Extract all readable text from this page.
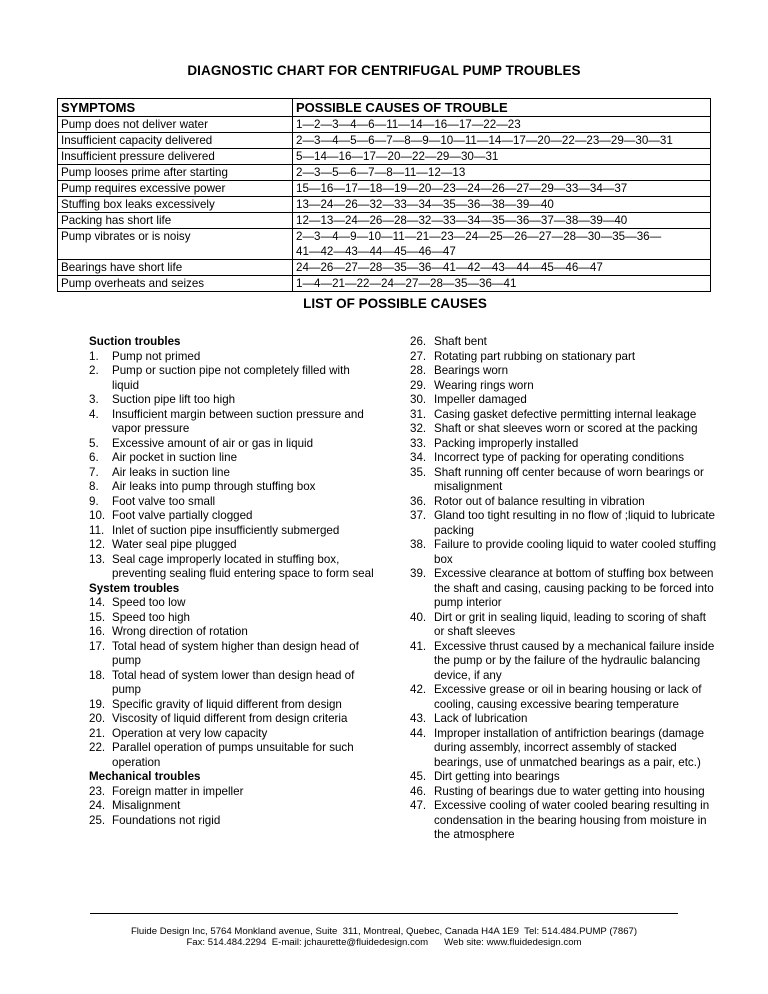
DIAGNOSTIC CHART FOR CENTRIFUGAL PUMP TROUBLES
SYMPTOMS	POSSIBLE CAUSES OF TROUBLE
Pump does not deliver water	1—2—3—4—6—11—14—16—17—22—23

Insufficient capacity delivered	2—3—4—5—6—7—8—9—10—11—14—17—20—22—23—29—30—31

Insufficient pressure delivered	5—14—16—17—20—22—29—30—31

Pump looses prime after starting	2—3—5—6—7—8—11—12—13

Pump requires excessive power	15—16—17—18—19—20—23—24—26—27—29—33—34—37

Stuffing box leaks excessively	13—24—26—32—33—34—35—36—38—39—40

Packing has short life	12—13—24—26—28—32—33—34—35—36—37—38—39—40

Pump vibrates or is noisy	2—3—4—9—10—11—21—23—24—25—26—27—28—30—35—36—
41—42—43—44—45—46—47

Bearings have short life	24—26—27—28—35—36—41—42—43—44—45—46—47

Pump overheats and seizes	1—4—21—22—24—27—28—35—36—41
LIST OF POSSIBLE CAUSES
Suction troubles
1.	Pump not primed
2.	Pump or suction pipe not completely filled with
liquid
3.	Suction pipe lift too high
4.	Insufficient margin between suction pressure and
vapor pressure
5.	Excessive amount of air or gas in liquid
6.	Air pocket in suction line
7.	Air leaks in suction line
8.	Air leaks into pump through stuffing box
9.	Foot valve too small
10. Foot valve partially clogged
11. Inlet of suction pipe insufficiently submerged
12. Water seal pipe plugged
13. Seal cage improperly located in stuffing box,
preventing sealing fluid entering space to form seal
System troubles
14. Speed too low
15. Speed too high
16. Wrong direction of rotation
17. Total head of system higher than design head of
pump
18. Total head of system lower than design head of
pump
19. Specific gravity of liquid different from design
20. Viscosity of liquid different from design criteria
21. Operation at very low capacity
22. Parallel operation of pumps unsuitable for such
operation
Mechanical troubles
23. Foreign matter in impeller
24. Misalignment
25. Foundations not rigid
26. Shaft bent
27. Rotating part rubbing on stationary part
28. Bearings worn
29. Wearing rings worn
30. Impeller damaged
31. Casing gasket defective permitting internal leakage
32. Shaft or shat sleeves worn or scored at the packing
33. Packing improperly installed
34. Incorrect type of packing for operating conditions
35. Shaft running off center because of worn bearings or
misalignment
36. Rotor out of balance resulting in vibration
37. Gland too tight resulting in no flow of ;liquid to lubricate
packing
38. Failure to provide cooling liquid to water cooled stuffing
box
39. Excessive clearance at bottom of stuffing box between
the shaft and casing, causing packing to be forced into
pump interior
40. Dirt or grit in sealing liquid, leading to scoring of shaft
or shaft sleeves
41. Excessive thrust caused by a mechanical failure inside
the pump or by the failure of the hydraulic balancing
device, if any
42. Excessive grease or oil in bearing housing or lack of
cooling, causing excessive bearing temperature
43. Lack of lubrication
44. Improper installation of antifriction bearings (damage
during assembly, incorrect assembly of stacked
bearings, use of unmatched bearings as a pair, etc.)
45. Dirt getting into bearings
46. Rusting of bearings due to water getting into housing
47. Excessive cooling of water cooled bearing resulting in
condensation in the bearing housing from moisture in
the atmosphere
Fluide Design Inc, 5764 Monkland avenue, Suite  311, Montreal, Quebec, Canada H4A 1E9  Tel: 514.484.PUMP (7867)
Fax: 514.484.2294  E-mail: jchaurette@fluidedesign.com      Web site: www.fluidedesign.com
